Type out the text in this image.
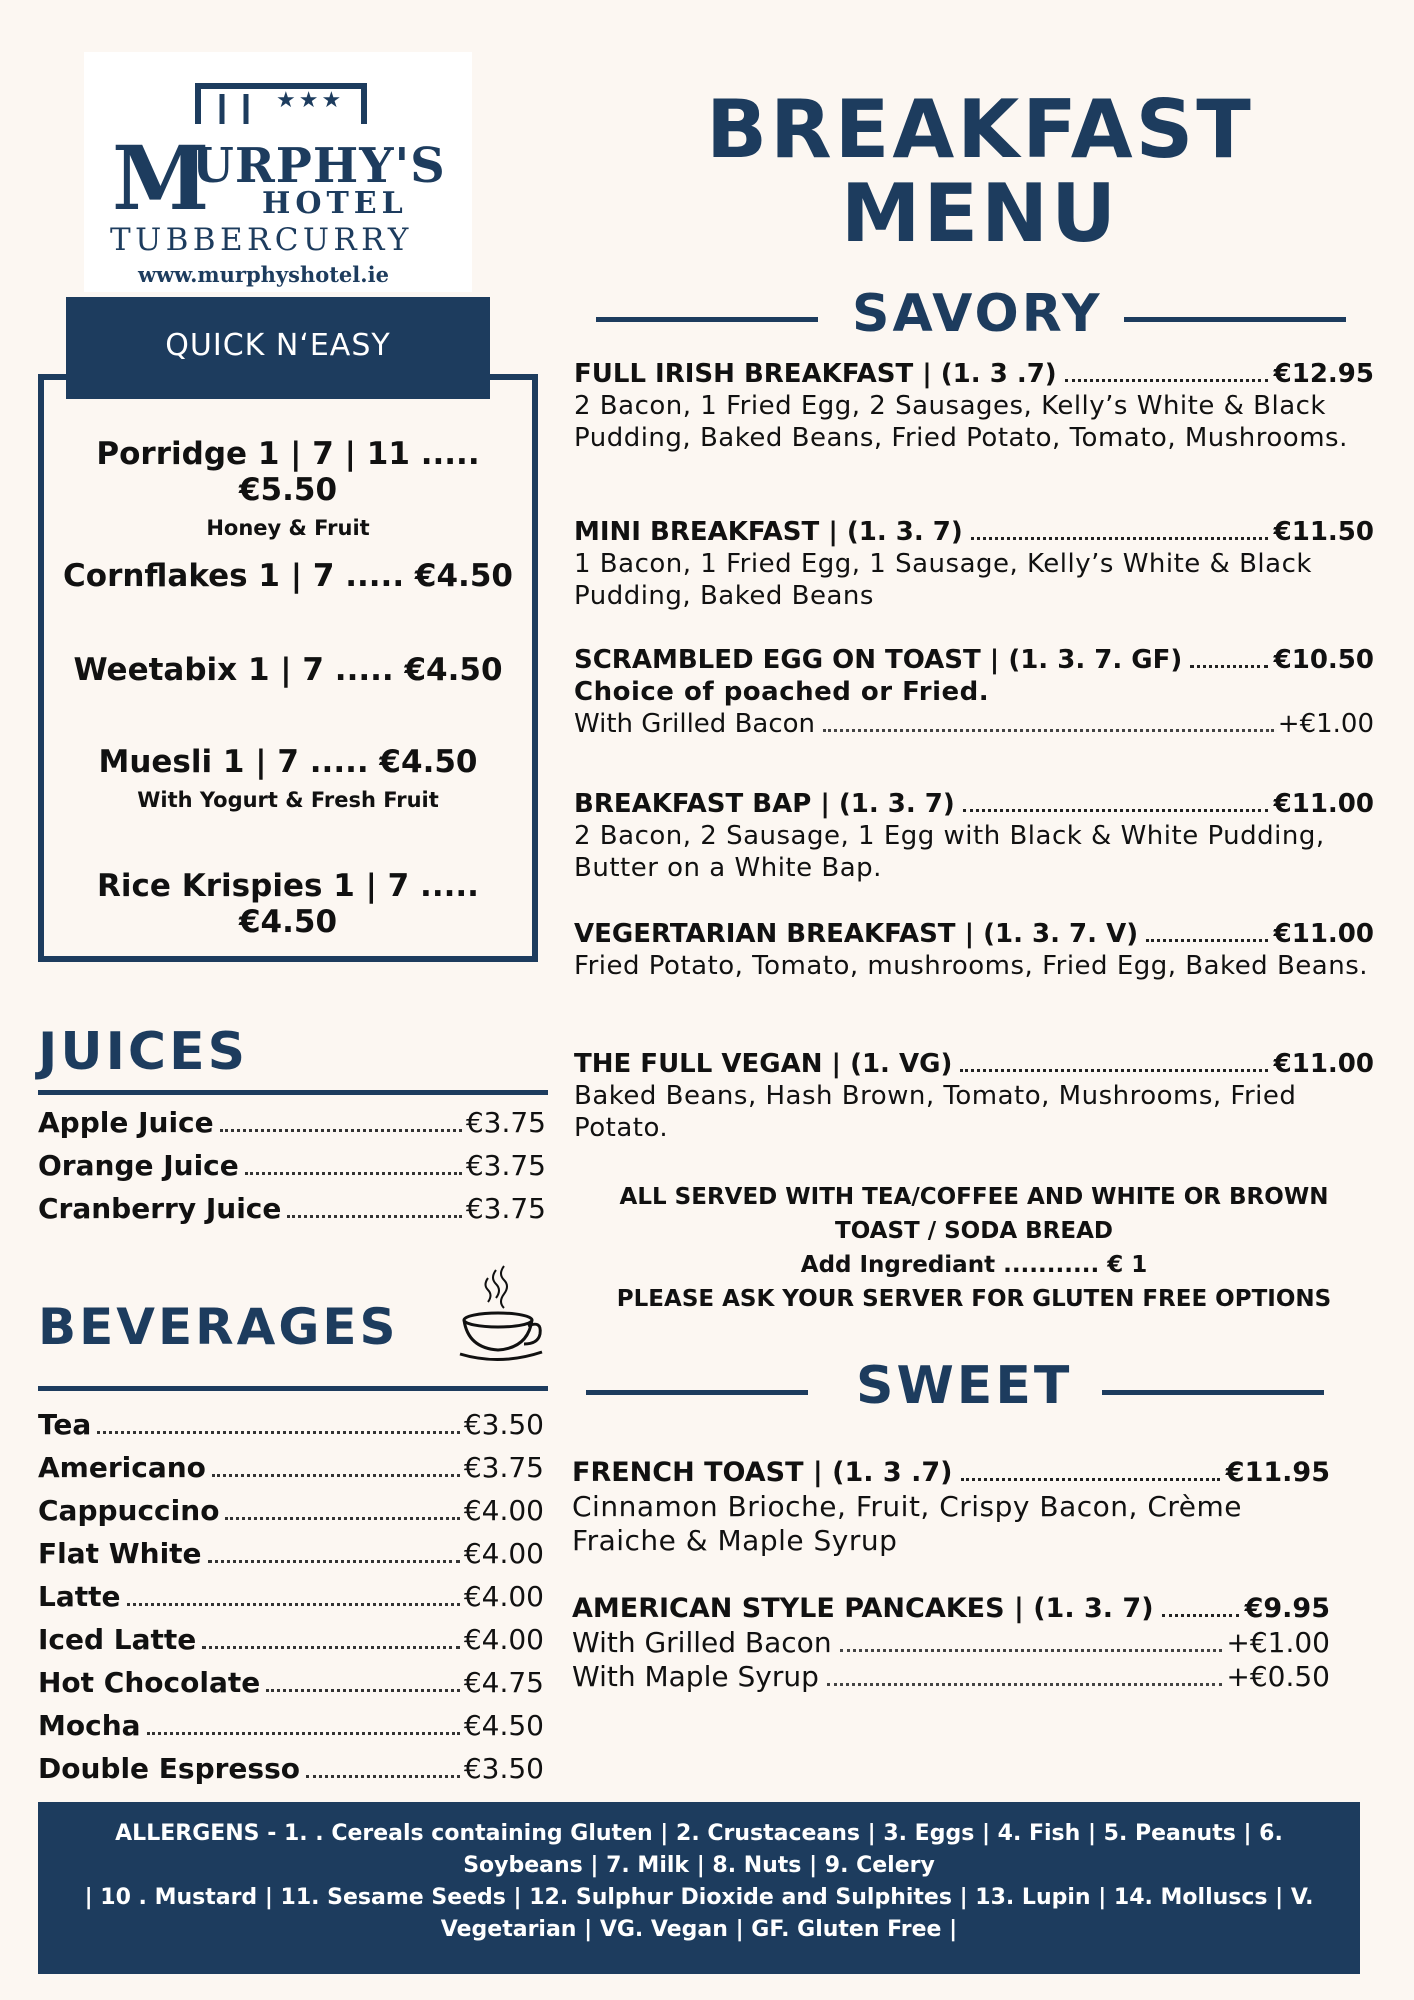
★★★
M
URPHY'S
HOTEL
TUBBERCURRY
www.murphyshotel.ie
BREAKFAST
MENU
Porridge 1 | 7 | 11 ..... €5.50
Honey & Fruit
Cornflakes 1 | 7 ..... €4.50
Weetabix 1 | 7 ..... €4.50
Muesli 1 | 7 ..... €4.50
With Yogurt & Fresh Fruit
Rice Krispies 1 | 7 ..... €4.50
QUICK N‘EASY
JUICES
Apple Juice	€3.75
Orange Juice	€3.75
Cranberry Juice	€3.75
BEVERAGES
Tea	€3.50
Americano	€3.75
Cappuccino	€4.00
Flat White	€4.00
Latte	€4.00
Iced Latte	€4.00
Hot Chocolate	€4.75
Mocha	€4.50
Double Espresso	€3.50
SAVORY
FULL IRISH BREAKFAST | (1. 3 .7)	€12.95
2 Bacon, 1 Fried Egg, 2 Sausages, Kelly’s White & Black Pudding, Baked Beans, Fried Potato, Tomato, Mushrooms.
MINI BREAKFAST | (1. 3. 7)	€11.50
1 Bacon, 1 Fried Egg, 1 Sausage, Kelly’s White & Black Pudding, Baked Beans
SCRAMBLED EGG ON TOAST | (1. 3. 7. GF)	€10.50
Choice of poached or Fried.
With Grilled Bacon	+€1.00
BREAKFAST BAP | (1. 3. 7)	€11.00
2 Bacon, 2 Sausage, 1 Egg with Black & White Pudding, Butter on a White Bap.
VEGERTARIAN BREAKFAST | (1. 3. 7. V)	€11.00
Fried Potato, Tomato, mushrooms, Fried Egg, Baked Beans.
THE FULL VEGAN | (1. VG)	€11.00
Baked Beans, Hash Brown, Tomato, Mushrooms, Fried Potato.
ALL SERVED WITH TEA/COFFEE AND WHITE OR BROWN TOAST / SODA BREAD
Add Ingrediant ........... € 1
PLEASE ASK YOUR SERVER FOR GLUTEN FREE OPTIONS
SWEET
FRENCH TOAST | (1. 3 .7)	€11.95
Cinnamon Brioche, Fruit, Crispy Bacon, Crème Fraiche & Maple Syrup
AMERICAN STYLE PANCAKES | (1. 3. 7)	€9.95
With Grilled Bacon	+€1.00
With Maple Syrup	+€0.50
ALLERGENS - 1. . Cereals containing Gluten | 2. Crustaceans | 3. Eggs | 4. Fish | 5. Peanuts | 6. Soybeans | 7. Milk | 8. Nuts | 9. Celery
| 10 . Mustard | 11. Sesame Seeds | 12. Sulphur Dioxide and Sulphites | 13. Lupin | 14. Molluscs | V. Vegetarian | VG. Vegan | GF. Gluten Free |
